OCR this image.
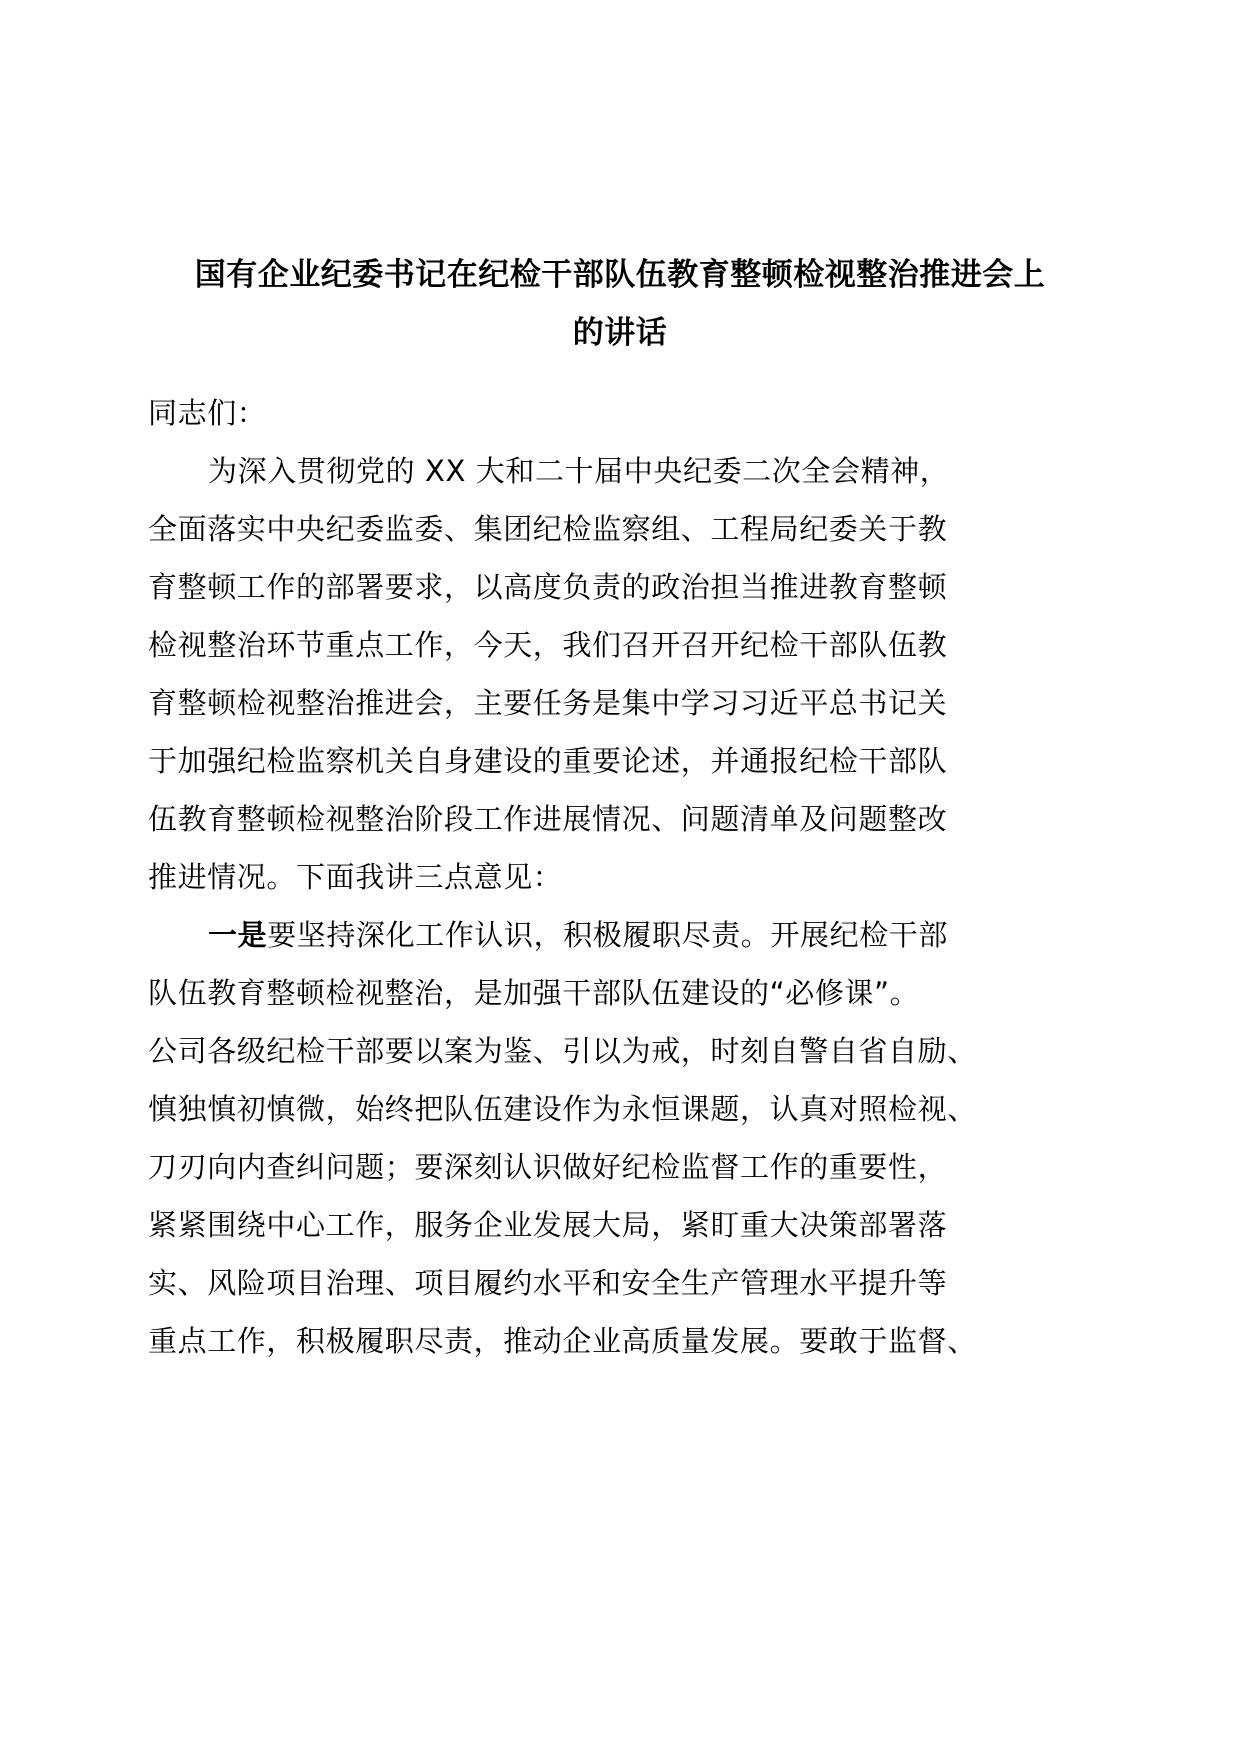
国有企业纪委书记在纪检干部队伍教育整顿检视整治推进会上
的讲话
同志们：
为深入贯彻党的 XX 大和二十届中央纪委二次全会精神，
全面落实中央纪委监委、集团纪检监察组、工程局纪委关于教
育整顿工作的部署要求，以高度负责的政治担当推进教育整顿
检视整治环节重点工作，今天，我们召开召开纪检干部队伍教
育整顿检视整治推进会，主要任务是集中学习习近平总书记关
于加强纪检监察机关自身建设的重要论述，并通报纪检干部队
伍教育整顿检视整治阶段工作进展情况、问题清单及问题整改
推进情况。下面我讲三点意见：
一是要坚持深化工作认识，积极履职尽责。开展纪检干部
队伍教育整顿检视整治，是加强干部队伍建设的“必修课”。
公司各级纪检干部要以案为鉴、引以为戒，时刻自警自省自励、
慎独慎初慎微，始终把队伍建设作为永恒课题，认真对照检视、
刀刃向内查纠问题；要深刻认识做好纪检监督工作的重要性，
紧紧围绕中心工作，服务企业发展大局，紧盯重大决策部署落
实、风险项目治理、项目履约水平和安全生产管理水平提升等
重点工作，积极履职尽责，推动企业高质量发展。要敢于监督、
